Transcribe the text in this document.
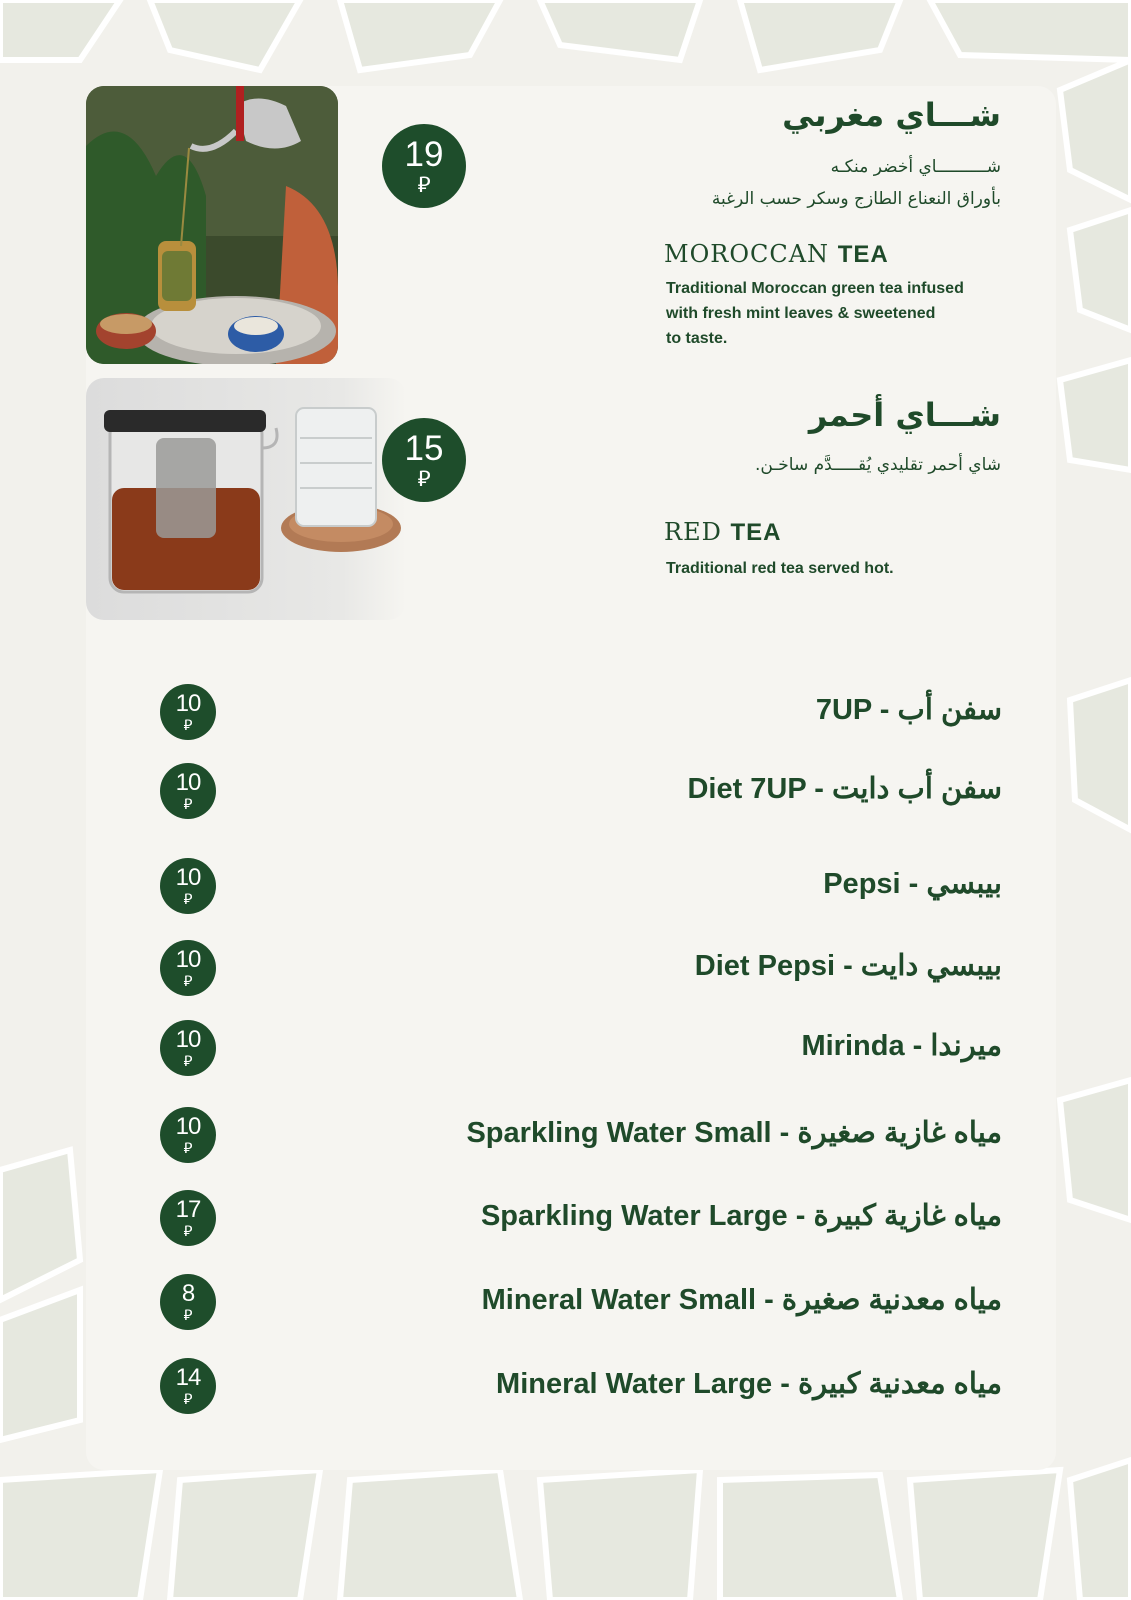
19
⃁
شـــاي مغربي
شــــــــــاي أخضر منكـه
بأوراق النعناع الطازج وسكر حسب الرغبة
MOROCCAN TEA
Traditional Moroccan green tea infused
with fresh mint leaves & sweetened
to taste.
15
⃁
شـــاي أحمر
شاي أحمر تقليدي يُقـــــدَّم ساخـن.
RED TEA
Traditional red tea served hot.
10
⃁	7UP - سفن أب
10
⃁	Diet 7UP - سفن أب دايت
10
⃁	Pepsi - بيبسي
10
⃁	Diet Pepsi - بيبسي دايت
10
⃁	Mirinda - ميرندا
10
⃁	Sparkling Water Small - مياه غازية صغيرة
17
⃁	Sparkling Water Large - مياه غازية كبيرة
8
⃁	Mineral Water Small - مياه معدنية صغيرة
14
⃁	Mineral Water Large - مياه معدنية كبيرة
